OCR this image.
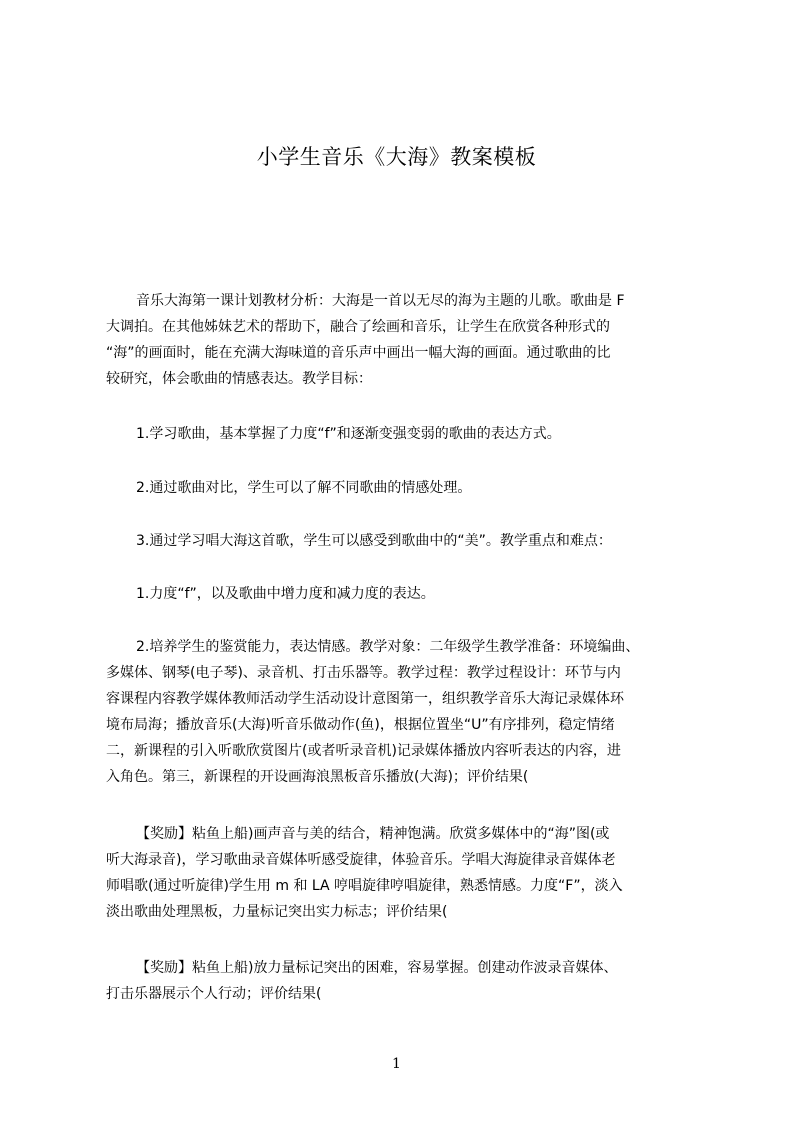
小学生音乐《大海》教案模板
音乐大海第一课计划教材分析：大海是一首以无尽的海为主题的儿歌。歌曲是 F
大调拍。在其他姊妹艺术的帮助下，融合了绘画和音乐，让学生在欣赏各种形式的
“海”的画面时，能在充满大海味道的音乐声中画出一幅大海的画面。通过歌曲的比
较研究，体会歌曲的情感表达。教学目标：
1.学习歌曲，基本掌握了力度“f”和逐渐变强变弱的歌曲的表达方式。
2.通过歌曲对比，学生可以了解不同歌曲的情感处理。
3.通过学习唱大海这首歌，学生可以感受到歌曲中的“美”。教学重点和难点：
1.力度“f”，以及歌曲中增力度和减力度的表达。
2.培养学生的鉴赏能力，表达情感。教学对象：二年级学生教学准备：环境编曲、
多媒体、钢琴(电子琴)、录音机、打击乐器等。教学过程：教学过程设计：环节与内
容课程内容教学媒体教师活动学生活动设计意图第一，组织教学音乐大海记录媒体环
境布局海；播放音乐(大海)听音乐做动作(鱼)，根据位置坐“U”有序排列，稳定情绪
二，新课程的引入听歌欣赏图片(或者听录音机)记录媒体播放内容听表达的内容，进
入角色。第三，新课程的开设画海浪黑板音乐播放(大海)；评价结果(
【奖励】粘鱼上船)画声音与美的结合，精神饱满。欣赏多媒体中的“海”图(或
听大海录音)，学习歌曲录音媒体听感受旋律，体验音乐。学唱大海旋律录音媒体老
师唱歌(通过听旋律)学生用 m 和 LA 哼唱旋律哼唱旋律，熟悉情感。力度“F”，淡入
淡出歌曲处理黑板，力量标记突出实力标志；评价结果(
【奖励】粘鱼上船)放力量标记突出的困难，容易掌握。创建动作波录音媒体、
打击乐器展示个人行动；评价结果(
1
